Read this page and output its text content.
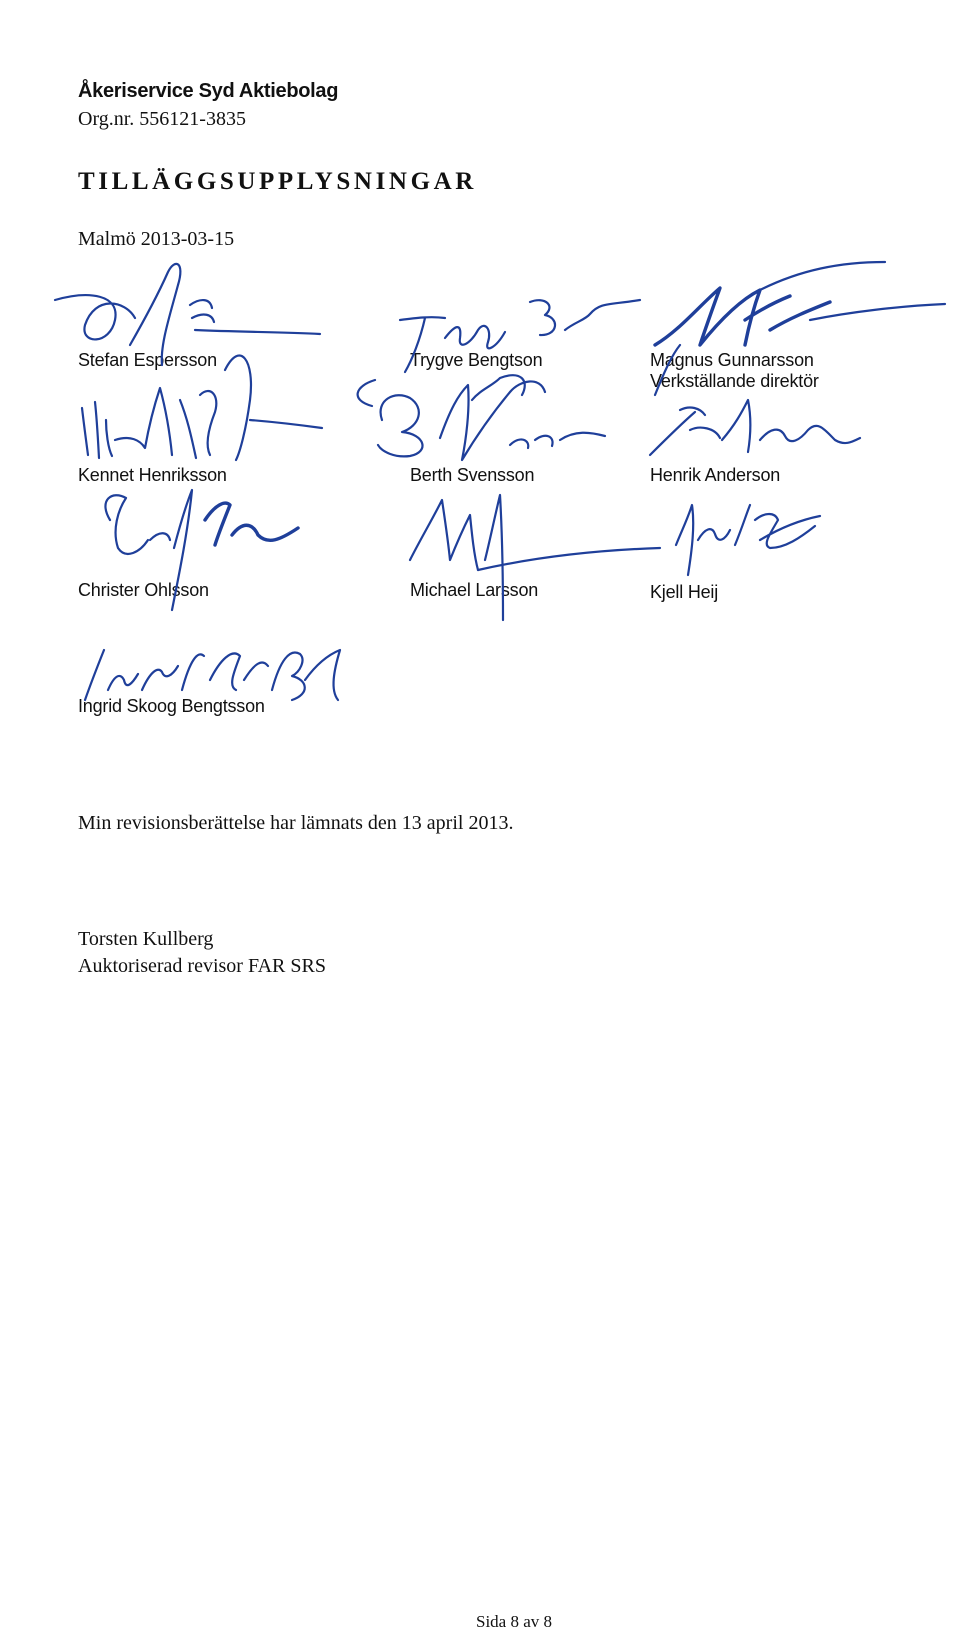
Åkeriservice Syd Aktiebolag
Org.nr. 556121-3835
TILLÄGGSUPPLYSNINGAR
Malmö 2013-03-15
Stefan Espersson	Trygve Bengtson	Magnus Gunnarsson
Verkställande direktör
Kennet Henriksson	Berth Svensson	Henrik Anderson
Christer Ohlsson	Michael Larsson	Kjell Heij
Ingrid Skoog Bengtsson
Min revisionsberättelse har lämnats den 13 april 2013.
Torsten Kullberg
Auktoriserad revisor FAR SRS
Sida 8 av 8
